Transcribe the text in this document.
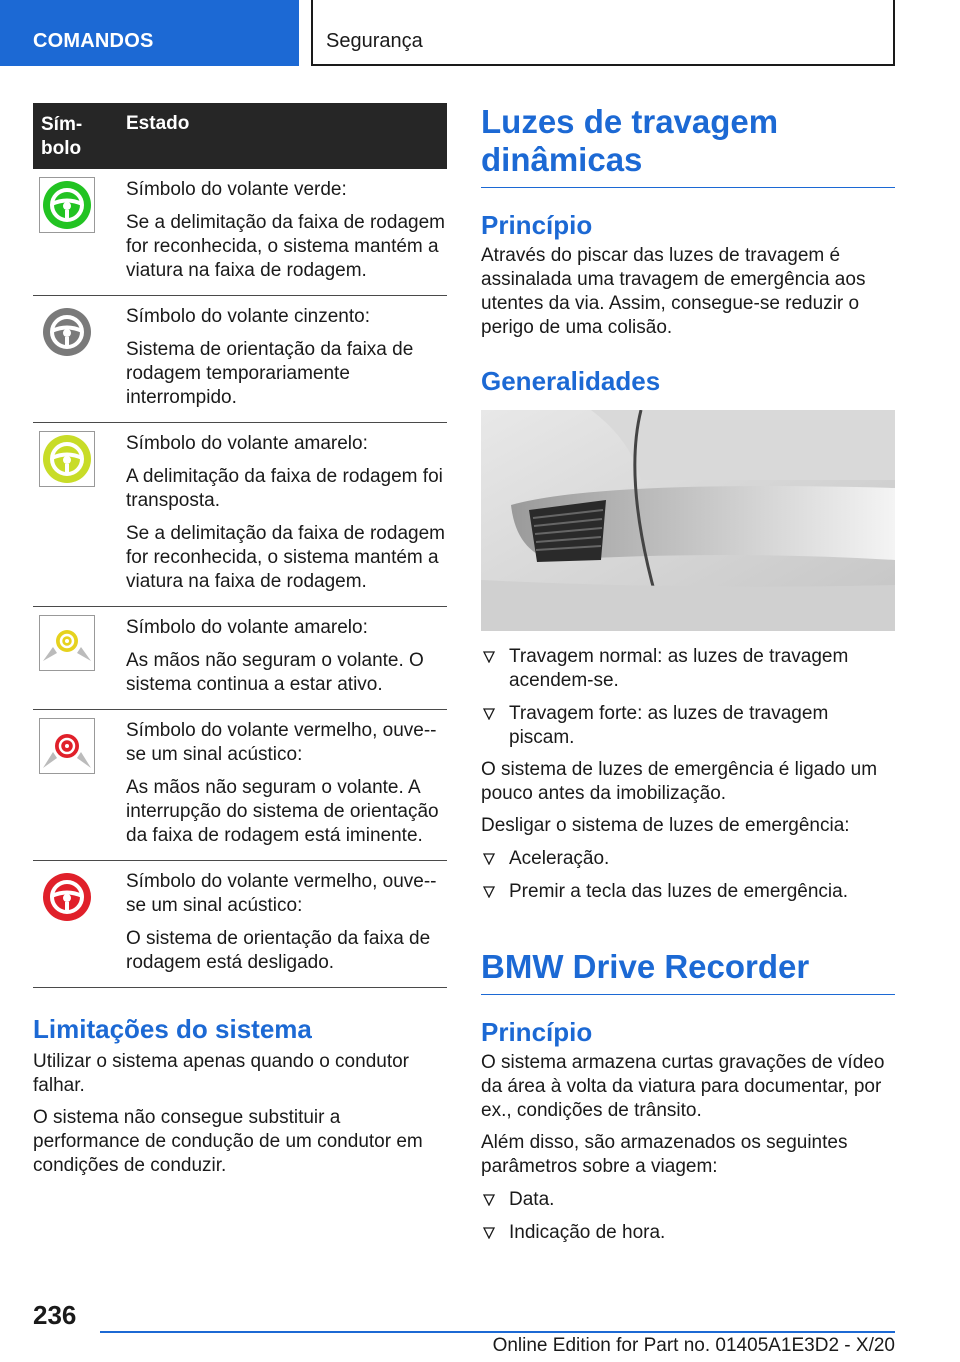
COMANDOS	Segurança
Sím-
bolo
Estado

Símbolo do volante verde:

Se a delimitação da faixa de rodagem for reconhecida, o sistema mantém a viatura na faixa de rodagem.

Símbolo do volante cinzento:

Sistema de orientação da faixa de rodagem temporariamente interrompido.

Símbolo do volante amarelo:

A delimitação da faixa de rodagem foi transposta.

Se a delimitação da faixa de rodagem for reconhecida, o sistema mantém a viatura na faixa de rodagem.

Símbolo do volante amarelo:

As mãos não seguram o volante. O sistema continua a estar ativo.

Símbolo do volante vermelho, ouve--se um sinal acústico:

As mãos não seguram o volante. A interrupção do sistema de orientação da faixa de rodagem está iminente.

Símbolo do volante vermelho, ouve--se um sinal acústico:

O sistema de orientação da faixa de rodagem está desligado.

Limitações do sistema

Utilizar o sistema apenas quando o condutor falhar.

O sistema não consegue substituir a performance de condução de um condutor em condições de conduzir.

Luzes de travagem dinâmicas
Princípio

Através do piscar das luzes de travagem é assinalada uma travagem de emergência aos utentes da via. Assim, consegue-se reduzir o perigo de uma colisão.

Generalidades
Travagem normal: as luzes de travagem acendem-se.
Travagem forte: as luzes de travagem piscam.

O sistema de luzes de emergência é ligado um pouco antes da imobilização.

Desligar o sistema de luzes de emergência:

Aceleração.
Premir a tecla das luzes de emergência.
BMW Drive Recorder
Princípio

O sistema armazena curtas gravações de vídeo da área à volta da viatura para documentar, por ex., condições de trânsito.

Além disso, são armazenados os seguintes parâmetros sobre a viagem:

Data.
Indicação de hora.
236
Online Edition for Part no. 01405A1E3D2 - X/20
